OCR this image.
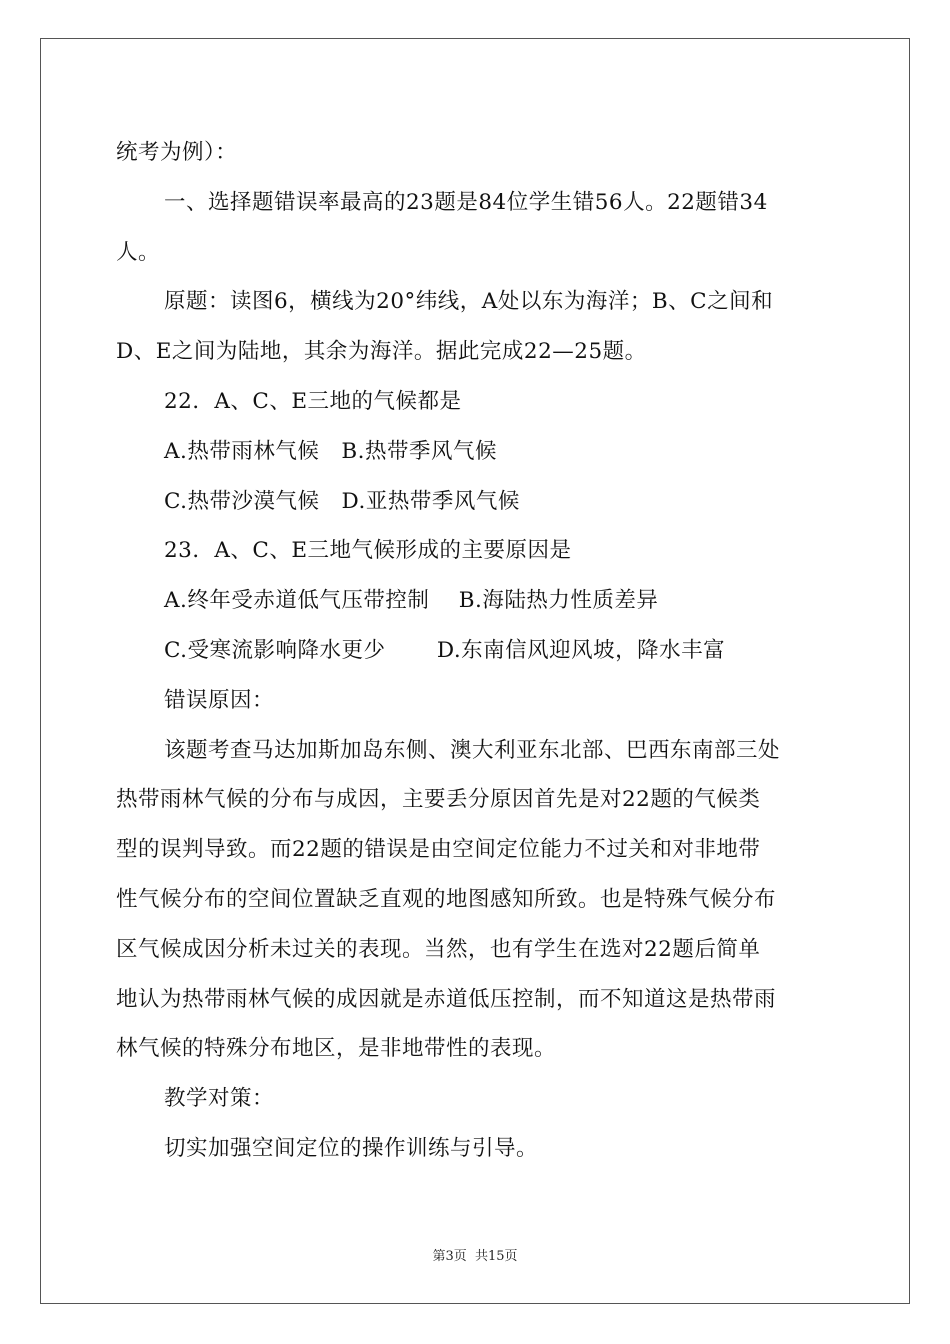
统考为例）：
一、选择题错误率最高的23题是84位学生错56人。22题错34
人。
原题：读图6，横线为20°纬线，A处以东为海洋；B、C之间和
D、E之间为陆地，其余为海洋。据此完成22—25题。
22．A、C、E三地的气候都是
A.热带雨林气候　B.热带季风气候
C.热带沙漠气候　D.亚热带季风气候
23．A、C、E三地气候形成的主要原因是
A.终年受赤道低气压带控制　 B.海陆热力性质差异
C.受寒流影响降水更少　　 D.东南信风迎风坡，降水丰富
错误原因：
该题考查马达加斯加岛东侧、澳大利亚东北部、巴西东南部三处
热带雨林气候的分布与成因，主要丢分原因首先是对22题的气候类
型的误判导致。而22题的错误是由空间定位能力不过关和对非地带
性气候分布的空间位置缺乏直观的地图感知所致。也是特殊气候分布
区气候成因分析未过关的表现。当然，也有学生在选对22题后简单
地认为热带雨林气候的成因就是赤道低压控制，而不知道这是热带雨
林气候的特殊分布地区，是非地带性的表现。
教学对策：
切实加强空间定位的操作训练与引导。
第3页 共15页
